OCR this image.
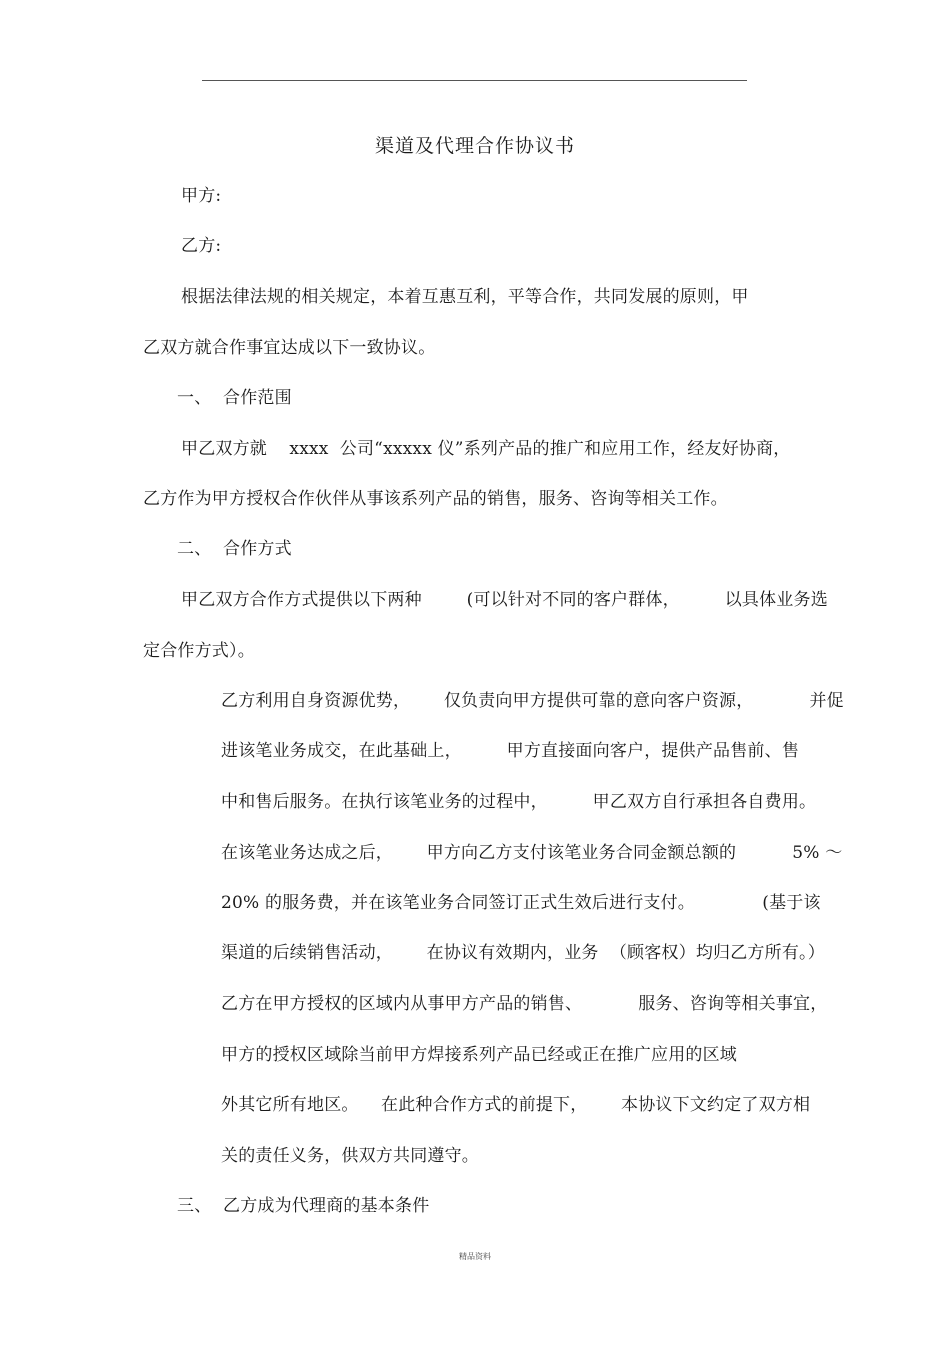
渠道及代理合作协议书
甲方:
乙方:
根据法律法规的相关规定，本着互惠互利，平等合作，共同发展的原则，甲
乙双方就合作事宜达成以下一致协议。
一、 合作范围
甲乙双方就    xxxx  公司“xxxxx 仪”系列产品的推广和应用工作，经友好协商，
乙方作为甲方授权合作伙伴从事该系列产品的销售，服务、咨询等相关工作。
二、 合作方式
甲乙双方合作方式提供以下两种        (可以针对不同的客户群体，        以具体业务选
定合作方式）。
乙方利用自身资源优势，      仅负责向甲方提供可靠的意向客户资源，          并促
进该笔业务成交，在此基础上，        甲方直接面向客户，提供产品售前、售
中和售后服务。在执行该笔业务的过程中，        甲乙双方自行承担各自费用。
在该笔业务达成之后，      甲方向乙方支付该笔业务合同金额总额的          5% ～
20% 的服务费，并在该笔业务合同签订正式生效后进行支付。            (基于该
渠道的后续销售活动，      在协议有效期内，业务  （顾客权）均归乙方所有。）
乙方在甲方授权的区域内从事甲方产品的销售、          服务、咨询等相关事宜，
甲方的授权区域除当前甲方焊接系列产品已经或正在推广应用的区域
外其它所有地区。    在此种合作方式的前提下，      本协议下文约定了双方相
关的责任义务，供双方共同遵守。
三、 乙方成为代理商的基本条件
精品资料
